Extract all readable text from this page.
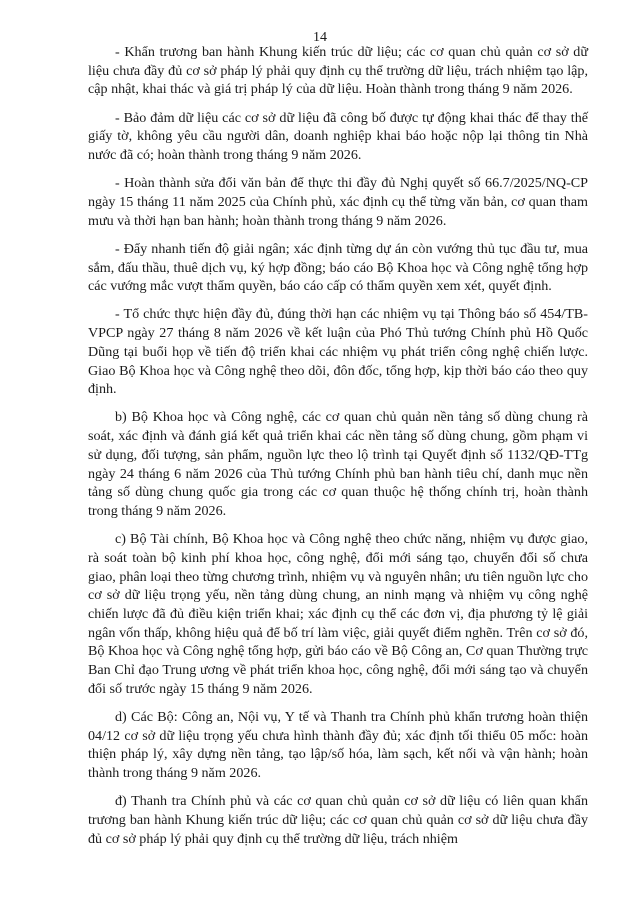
14

- Khẩn trương ban hành Khung kiến trúc dữ liệu; các cơ quan chủ quản cơ sở dữ liệu chưa đầy đủ cơ sở pháp lý phải quy định cụ thể trường dữ liệu, trách nhiệm tạo lập, cập nhật, khai thác và giá trị pháp lý của dữ liệu. Hoàn thành trong tháng 9 năm 2026.

- Bảo đảm dữ liệu các cơ sở dữ liệu đã công bố được tự động khai thác để thay thế giấy tờ, không yêu cầu người dân, doanh nghiệp khai báo hoặc nộp lại thông tin Nhà nước đã có; hoàn thành trong tháng 9 năm 2026.

- Hoàn thành sửa đổi văn bản để thực thi đầy đủ Nghị quyết số 66.7/2025/NQ-CP ngày 15 tháng 11 năm 2025 của Chính phủ, xác định cụ thể từng văn bản, cơ quan tham mưu và thời hạn ban hành; hoàn thành trong tháng 9 năm 2026.

- Đẩy nhanh tiến độ giải ngân; xác định từng dự án còn vướng thủ tục đầu tư, mua sắm, đấu thầu, thuê dịch vụ, ký hợp đồng; báo cáo Bộ Khoa học và Công nghệ tổng hợp các vướng mắc vượt thẩm quyền, báo cáo cấp có thẩm quyền xem xét, quyết định.

- Tổ chức thực hiện đầy đủ, đúng thời hạn các nhiệm vụ tại Thông báo số 454/TB-VPCP ngày 27 tháng 8 năm 2026 về kết luận của Phó Thủ tướng Chính phủ Hồ Quốc Dũng tại buổi họp về tiến độ triển khai các nhiệm vụ phát triển công nghệ chiến lược. Giao Bộ Khoa học và Công nghệ theo dõi, đôn đốc, tổng hợp, kịp thời báo cáo theo quy định.

b) Bộ Khoa học và Công nghệ, các cơ quan chủ quản nền tảng số dùng chung rà soát, xác định và đánh giá kết quả triển khai các nền tảng số dùng chung, gồm phạm vi sử dụng, đối tượng, sản phẩm, nguồn lực theo lộ trình tại Quyết định số 1132/QĐ-TTg ngày 24 tháng 6 năm 2026 của Thủ tướng Chính phủ ban hành tiêu chí, danh mục nền tảng số dùng chung quốc gia trong các cơ quan thuộc hệ thống chính trị, hoàn thành trong tháng 9 năm 2026.

c) Bộ Tài chính, Bộ Khoa học và Công nghệ theo chức năng, nhiệm vụ được giao, rà soát toàn bộ kinh phí khoa học, công nghệ, đổi mới sáng tạo, chuyển đổi số chưa giao, phân loại theo từng chương trình, nhiệm vụ và nguyên nhân; ưu tiên nguồn lực cho cơ sở dữ liệu trọng yếu, nền tảng dùng chung, an ninh mạng và nhiệm vụ công nghệ chiến lược đã đủ điều kiện triển khai; xác định cụ thể các đơn vị, địa phương tỷ lệ giải ngân vốn thấp, không hiệu quả để bố trí làm việc, giải quyết điểm nghẽn. Trên cơ sở đó, Bộ Khoa học và Công nghệ tổng hợp, gửi báo cáo về Bộ Công an, Cơ quan Thường trực Ban Chỉ đạo Trung ương về phát triển khoa học, công nghệ, đổi mới sáng tạo và chuyển đổi số trước ngày 15 tháng 9 năm 2026.

d) Các Bộ: Công an, Nội vụ, Y tế và Thanh tra Chính phủ khẩn trương hoàn thiện 04/12 cơ sở dữ liệu trọng yếu chưa hình thành đầy đủ; xác định tối thiểu 05 mốc: hoàn thiện pháp lý, xây dựng nền tảng, tạo lập/số hóa, làm sạch, kết nối và vận hành; hoàn thành trong tháng 9 năm 2026.

đ) Thanh tra Chính phủ và các cơ quan chủ quản cơ sở dữ liệu có liên quan khẩn trương ban hành Khung kiến trúc dữ liệu; các cơ quan chủ quản cơ sở dữ liệu chưa đầy đủ cơ sở pháp lý phải quy định cụ thể trường dữ liệu, trách nhiệm
